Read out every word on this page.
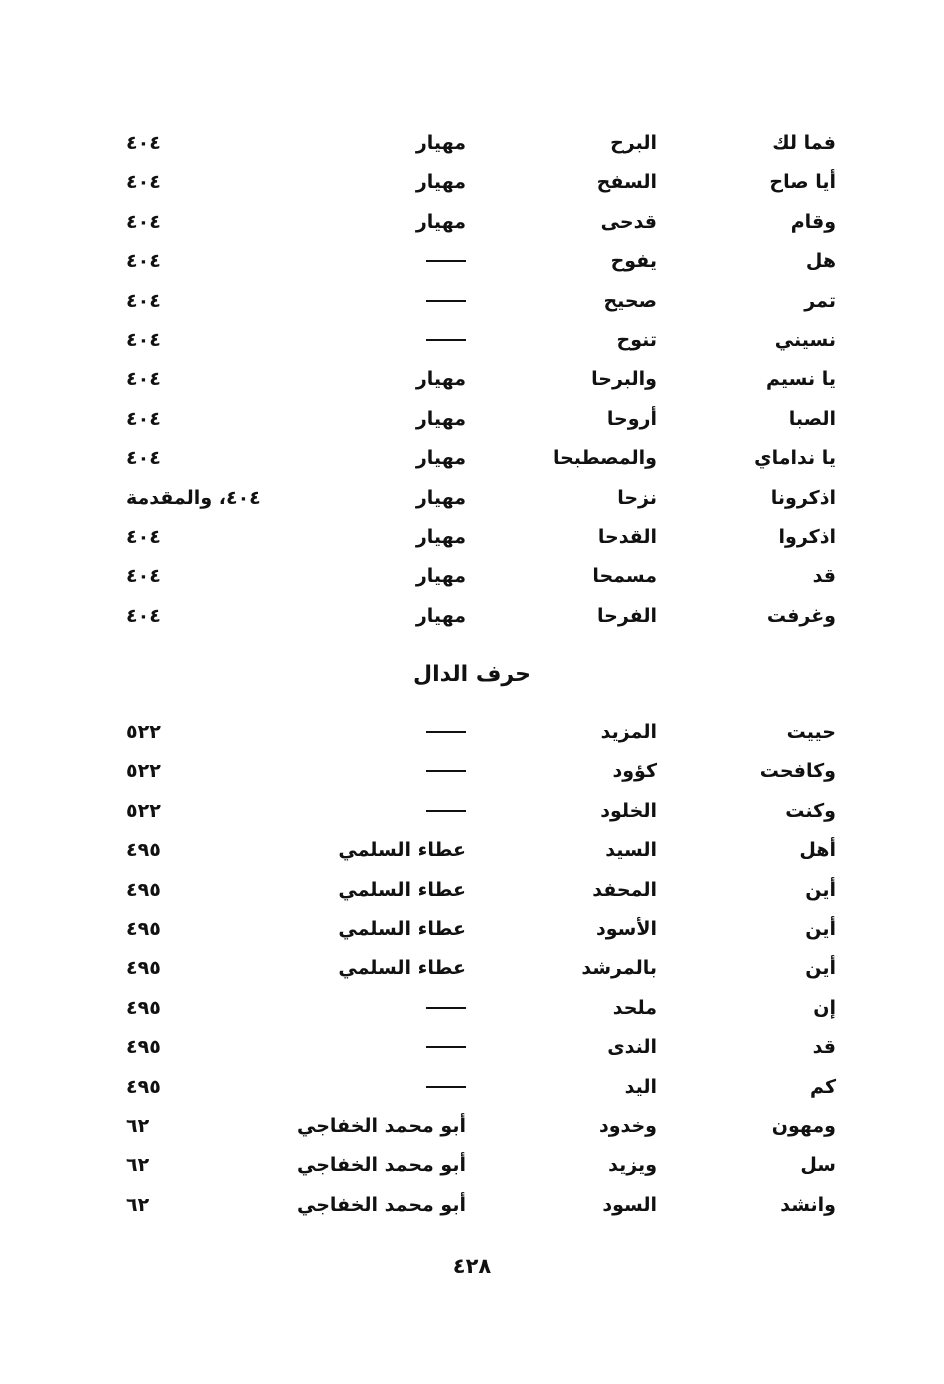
فما لك
البرح
مهيار
٤٠٤
أيا صاح
السفح
مهيار
٤٠٤
وقام
قدحى
مهيار
٤٠٤
هل
يفوح
٤٠٤
تمر
صحيح
٤٠٤
نسيني
تنوح
٤٠٤
يا نسيم
والبرحا
مهيار
٤٠٤
الصبا
أروحا
مهيار
٤٠٤
يا نداماي
والمصطبحا
مهيار
٤٠٤
اذكرونا
نزحا
مهيار
٤٠٤، والمقدمة
اذكروا
القدحا
مهيار
٤٠٤
قد
مسمحا
مهيار
٤٠٤
وغرفت
الفرحا
مهيار
٤٠٤
حرف الدال
حييت
المزيد
٥٢٢
وكافحت
كؤود
٥٢٢
وكنت
الخلود
٥٢٢
أهل
السيد
عطاء السلمي
٤٩٥
أين
المحفد
عطاء السلمي
٤٩٥
أين
الأسود
عطاء السلمي
٤٩٥
أين
بالمرشد
عطاء السلمي
٤٩٥
إن
ملحد
٤٩٥
قد
الندى
٤٩٥
كم
اليد
٤٩٥
ومهون
وخدود
أبو محمد الخفاجي
٦٢
سل
ويزيد
أبو محمد الخفاجي
٦٢
وانشد
السود
أبو محمد الخفاجي
٦٢
٤٢٨
